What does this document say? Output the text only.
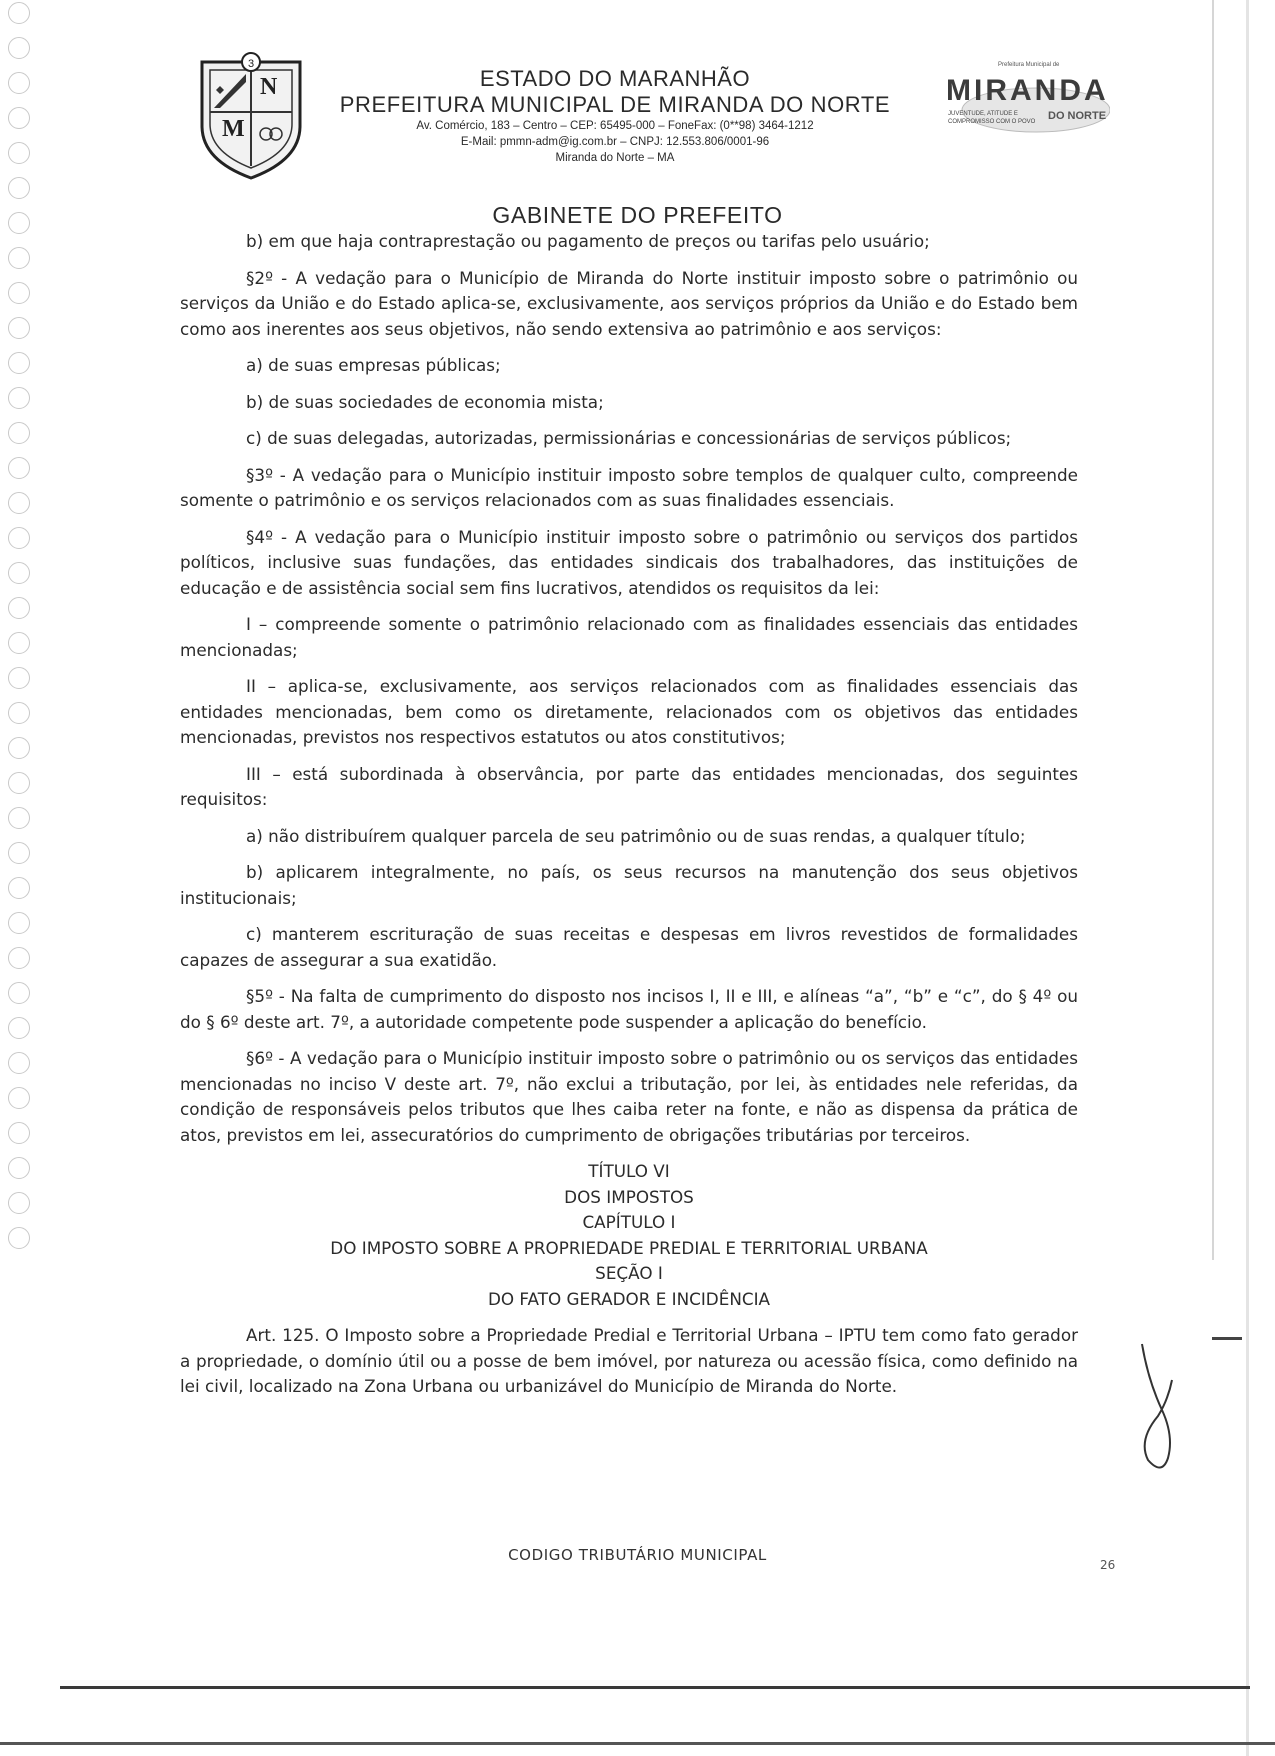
3
N
M
ESTADO DO MARANHÃO
PREFEITURA MUNICIPAL DE MIRANDA DO NORTE
Av. Comércio, 183 – Centro – CEP: 65495-000 – FoneFax: (0**98) 3464-1212
E-Mail: pmmn-adm@ig.com.br – CNPJ: 12.553.806/0001-96
Miranda do Norte – MA
Prefeitura Municipal de
MIRANDA
JUVENTUDE, ATITUDE E COMPROMISSO COM O POVO	DO NORTE
GABINETE DO PREFEITO

b) em que haja contraprestação ou pagamento de preços ou tarifas pelo usuário;

§2º - A vedação para o Município de Miranda do Norte instituir imposto sobre o patrimônio ou serviços da União e do Estado aplica-se, exclusivamente, aos serviços próprios da União e do Estado bem como aos inerentes aos seus objetivos, não sendo extensiva ao patrimônio e aos serviços:

a) de suas empresas públicas;

b) de suas sociedades de economia mista;

c) de suas delegadas, autorizadas, permissionárias e concessionárias de serviços públicos;

§3º - A vedação para o Município instituir imposto sobre templos de qualquer culto, compreende somente o patrimônio e os serviços relacionados com as suas finalidades essenciais.

§4º - A vedação para o Município instituir imposto sobre o patrimônio ou serviços dos partidos políticos, inclusive suas fundações, das entidades sindicais dos trabalhadores, das instituições de educação e de assistência social sem fins lucrativos, atendidos os requisitos da lei:

I – compreende somente o patrimônio relacionado com as finalidades essenciais das entidades mencionadas;

II – aplica-se, exclusivamente, aos serviços relacionados com as finalidades essenciais das entidades mencionadas, bem como os diretamente, relacionados com os objetivos das entidades mencionadas, previstos nos respectivos estatutos ou atos constitutivos;

III – está subordinada à observância, por parte das entidades mencionadas, dos seguintes requisitos:

a) não distribuírem qualquer parcela de seu patrimônio ou de suas rendas, a qualquer título;

b) aplicarem integralmente, no país, os seus recursos na manutenção dos seus objetivos institucionais;

c) manterem escrituração de suas receitas e despesas em livros revestidos de formalidades capazes de assegurar a sua exatidão.

§5º - Na falta de cumprimento do disposto nos incisos I, II e III, e alíneas “a”, “b” e “c”, do § 4º ou do § 6º deste art. 7º, a autoridade competente pode suspender a aplicação do benefício.

§6º - A vedação para o Município instituir imposto sobre o patrimônio ou os serviços das entidades mencionadas no inciso V deste art. 7º, não exclui a tributação, por lei, às entidades nele referidas, da condição de responsáveis pelos tributos que lhes caiba reter na fonte, e não as dispensa da prática de atos, previstos em lei, assecuratórios do cumprimento de obrigações tributárias por terceiros.

TÍTULO VI

DOS IMPOSTOS

CAPÍTULO I

DO IMPOSTO SOBRE A PROPRIEDADE PREDIAL E TERRITORIAL URBANA

SEÇÃO I

DO FATO GERADOR E INCIDÊNCIA

Art. 125. O Imposto sobre a Propriedade Predial e Territorial Urbana – IPTU tem como fato gerador a propriedade, o domínio útil ou a posse de bem imóvel, por natureza ou acessão física, como definido na lei civil, localizado na Zona Urbana ou urbanizável do Município de Miranda do Norte.

CODIGO TRIBUTÁRIO MUNICIPAL
26
